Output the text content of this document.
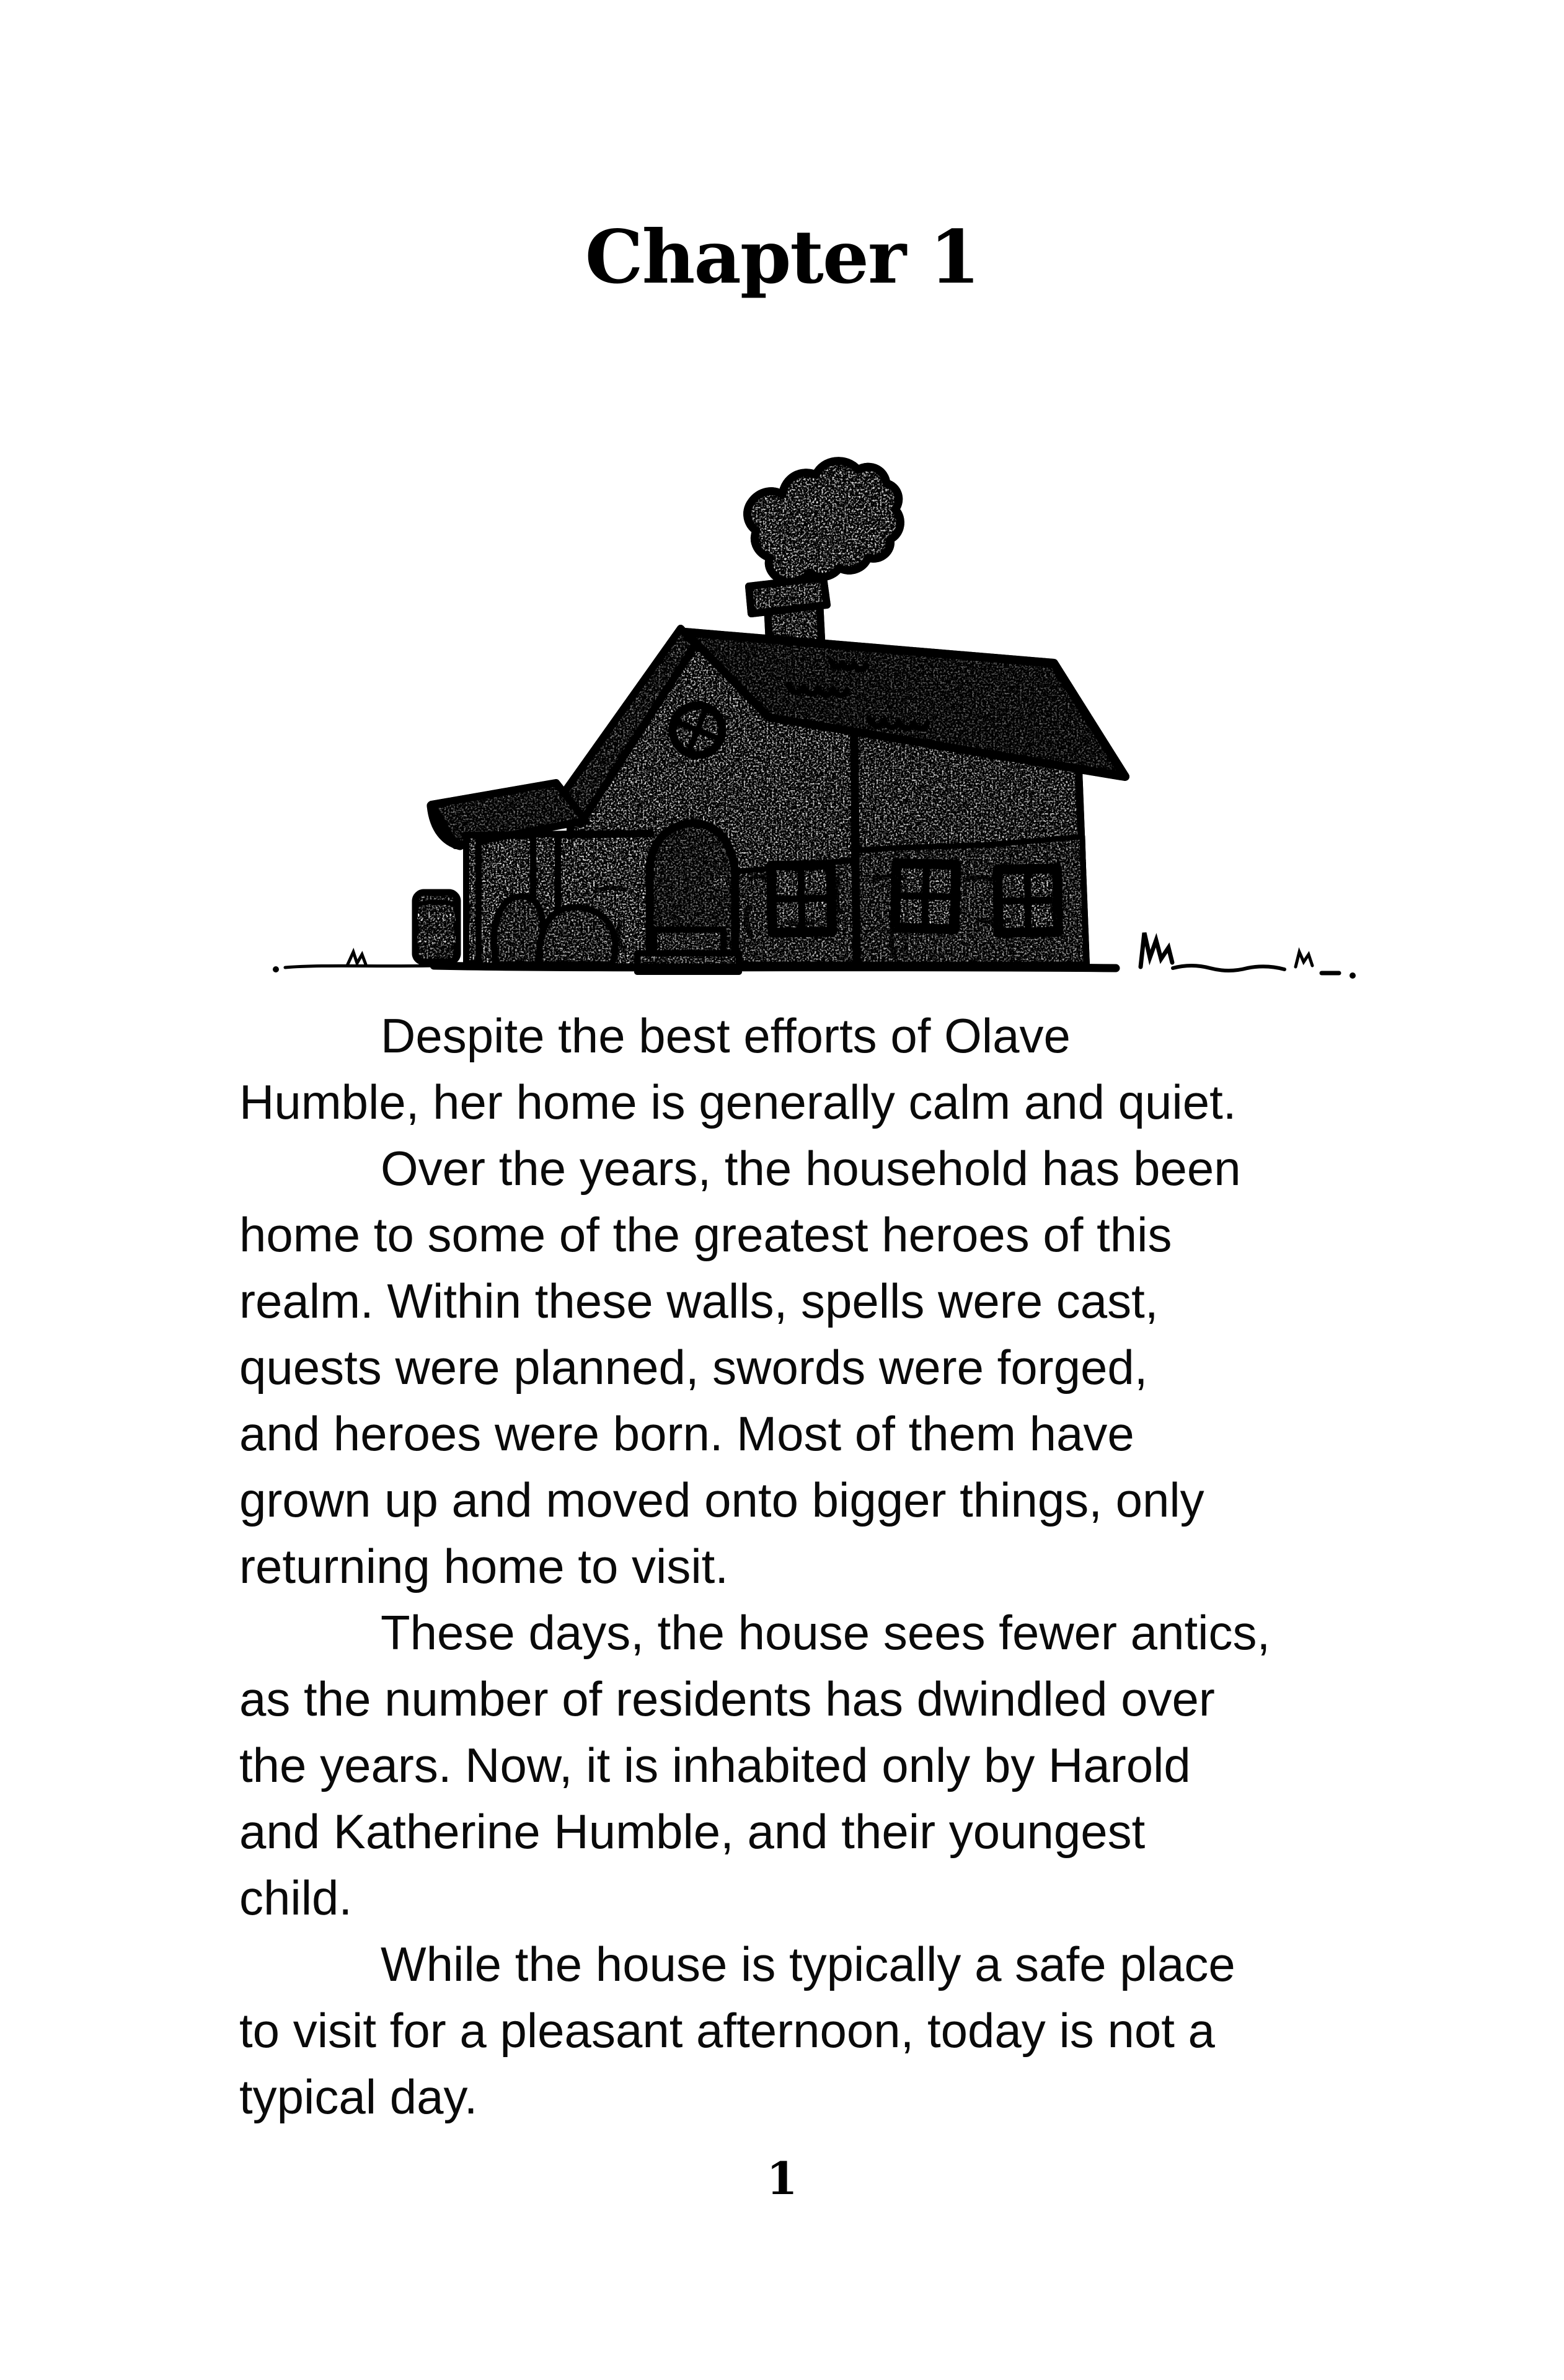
Chapter 1
Despite the best efforts of Olave
Humble, her home is generally calm and quiet.
Over the years, the household has been
home to some of the greatest heroes of this
realm. Within these walls, spells were cast,
quests were planned, swords were forged,
and heroes were born. Most of them have
grown up and moved onto bigger things, only
returning home to visit.
These days, the house sees fewer antics,
as the number of residents has dwindled over
the years. Now, it is inhabited only by Harold
and Katherine Humble, and their youngest
child.
While the house is typically a safe place
to visit for a pleasant afternoon, today is not a
typical day.
1
